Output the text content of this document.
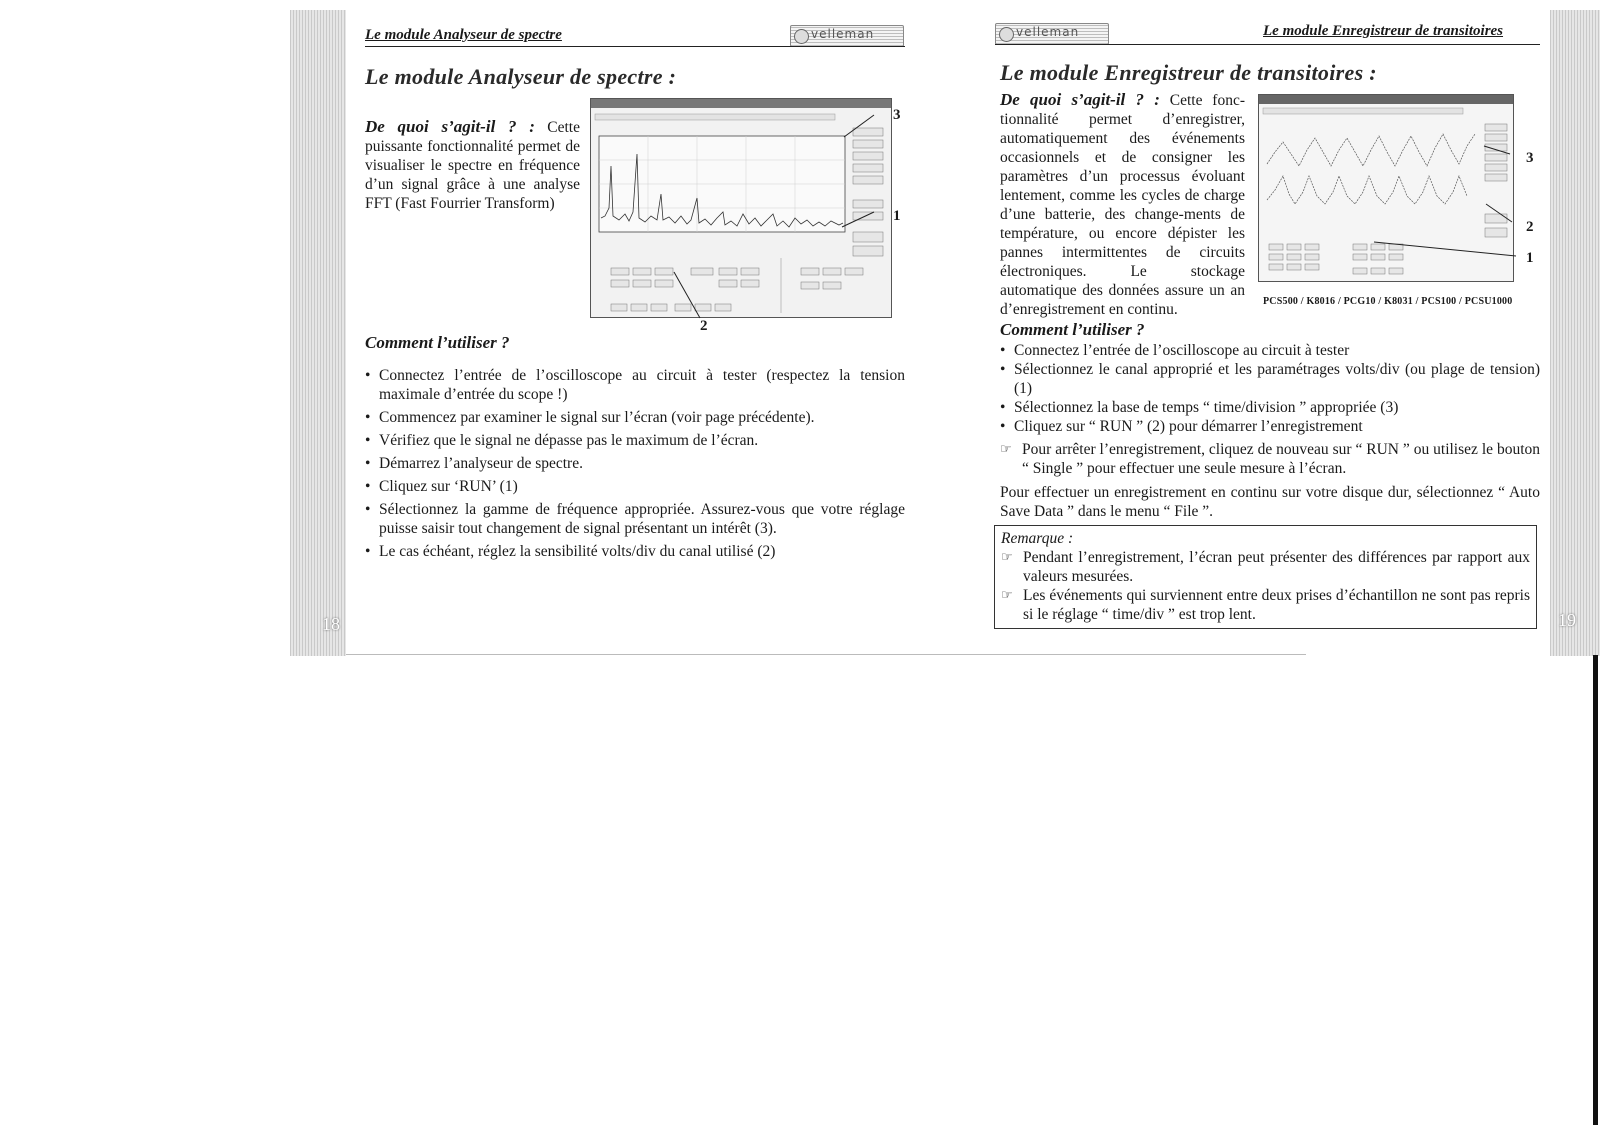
18	19
Le module Analyseur de spectre	velleman
Le module Analyseur de spectre :
De quoi s’agit-il ? : Cette puissante fonctionnalité permet de visualiser le spectre en fréquence d’un signal grâce à une analyse FFT (Fast Fourrier Transform)
3
1
2
Comment l’utiliser ?
• Connectez l’entrée de l’oscilloscope au circuit à tester (respectez la tension maximale d’entrée du scope !)
• Commencez par examiner le signal sur l’écran (voir page précédente).
• Vérifiez que le signal ne dépasse pas le maximum de l’écran.
• Démarrez l’analyseur de spectre.
• Cliquez sur ‘RUN’ (1)
• Sélectionnez la gamme de fréquence appropriée. Assurez-vous que votre réglage puisse saisir tout changement de signal présentant un intérêt (3).
• Le cas échéant, réglez la sensibilité volts/div du canal utilisé (2)
velleman	Le module Enregistreur de transitoires
Le module Enregistreur de transitoires :
De quoi s’agit-il ? : Cette fonc-tionnalité permet d’enregistrer, automatiquement des événements occasionnels et de consigner les paramètres d’un processus évoluant lentement, comme les cycles de charge d’une batterie, des change-ments de température, ou encore dépister les pannes intermittentes de circuits électroniques. Le stockage automatique des données assure un an d’enregistrement en continu.
3
2
1
PCS500 / K8016 / PCG10 / K8031 / PCS100 / PCSU1000
Comment l’utiliser ?
• Connectez l’entrée de l’oscilloscope au circuit à tester
• Sélectionnez le canal approprié et les paramétrages volts/div (ou plage de tension) (1)
• Sélectionnez la base de temps “ time/division ” appropriée (3)
• Cliquez sur “ RUN ” (2) pour démarrer l’enregistrement
☞ Pour arrêter l’enregistrement, cliquez de nouveau sur “ RUN ” ou utilisez le bouton “ Single ” pour effectuer une seule mesure à l’écran.
Pour effectuer un enregistrement en continu sur votre disque dur, sélectionnez “ Auto Save Data ” dans le menu “ File ”.
Remarque :
☞ Pendant l’enregistrement, l’écran peut présenter des différences par rapport aux valeurs mesurées.
☞ Les événements qui surviennent entre deux prises d’échantillon ne sont pas repris si le réglage “ time/div ” est trop lent.
